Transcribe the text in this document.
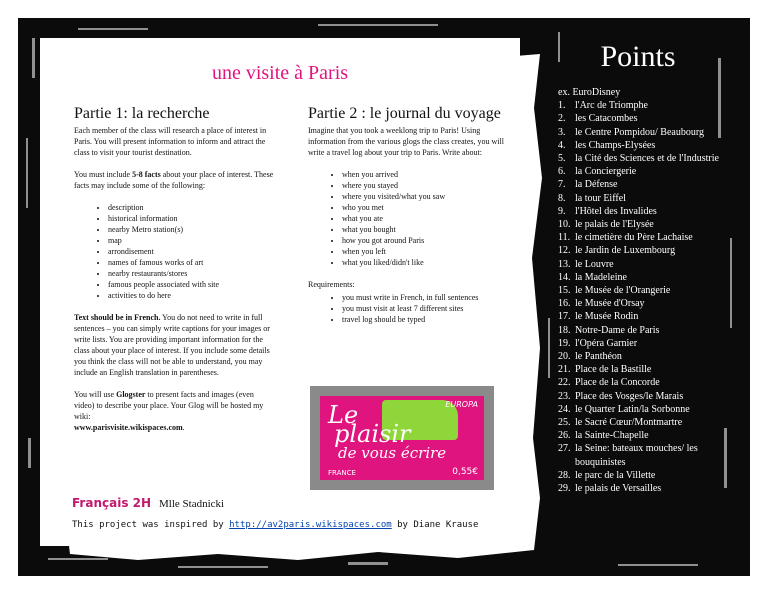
une visite à Paris
Partie 1: la recherche

Each member of the class will research a place of interest in Paris. You will present information to inform and attract the class to visit your tourist destination.

You must include 5-8 facts about your place of interest. These facts may include some of the following:

• description
• historical information
• nearby Metro station(s)
• map
• arrondisement
• names of famous works of art
• nearby restaurants/stores
• famous people associated with site
• activities to do here

Text should be in French. You do not need to write in full sentences – you can simply write captions for your images or write lists. You are providing important information for the class about your place of interest. If you include some details you think the class will not be able to understand, you may include an English translation in parentheses.

You will use Glogster to present facts and images (even video) to describe your place. Your Glog will be hosted my wiki:
www.parisvisite.wikispaces.com.

Partie 2 : le journal du voyage

Imagine that you took a weeklong trip to Paris! Using information from the various glogs the class creates, you will write a travel log about your trip to Paris. Write about:

• when you arrived
• where you stayed
• where you visited/what you saw
• who you met
• what you ate
• what you bought
• how you got around Paris
• when you left
• what you liked/didn't like

Requirements:

• you must write in French, in full sentences
• you must visit at least 7 different sites
• travel log should be typed
Le
plaisir
de vous écrire
EUROPA
FRANCE	0,55€
Français 2H Mlle Stadnicki
This project was inspired by http://av2paris.wikispaces.com by Diane Krause
Points
ex. EuroDisney
1. l'Arc de Triomphe
2. les Catacombes
3. le Centre Pompidou/ Beaubourg
4. les Champs-Elysées
5. la Cité des Sciences et de l'Industrie
6. la Conciergerie
7. la Défense
8. la tour Eiffel
9. l'Hôtel des Invalides
10. le palais de l'Elysée
11. le cimetière du Père Lachaise
12. le Jardin de Luxembourg
13. le Louvre
14. la Madeleine
15. le Musée de l'Orangerie
16. le Musée d'Orsay
17. le Musée Rodin
18. Notre-Dame de Paris
19. l'Opéra Garnier
20. le Panthéon
21. Place de la Bastille
22. Place de la Concorde
23. Place des Vosges/le Marais
24. le Quarter Latin/la Sorbonne
25. le Sacré Cœur/Montmartre
26. la Sainte-Chapelle
27. la Seine: bateaux mouches/ les bouquinistes
28. le parc de la Villette
29. le palais de Versailles
